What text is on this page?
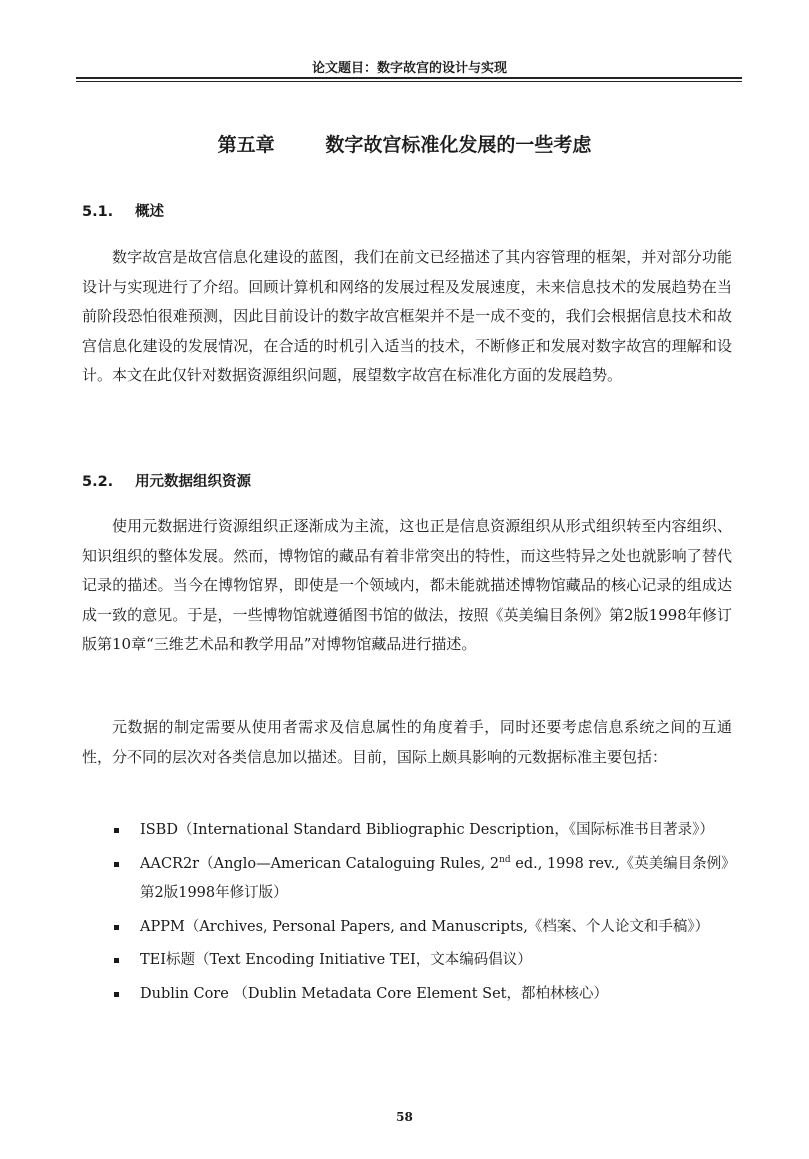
论文题目：数字故宫的设计与实现
第五章	数字故宫标准化发展的一些考虑
5.1. 概述

数字故宫是故宫信息化建设的蓝图，我们在前文已经描述了其内容管理的框架，并对部分功能设计与实现进行了介绍。回顾计算机和网络的发展过程及发展速度，未来信息技术的发展趋势在当前阶段恐怕很难预测，因此目前设计的数字故宫框架并不是一成不变的，我们会根据信息技术和故宫信息化建设的发展情况，在合适的时机引入适当的技术，不断修正和发展对数字故宫的理解和设计。本文在此仅针对数据资源组织问题，展望数字故宫在标准化方面的发展趋势。

5.2. 用元数据组织资源

使用元数据进行资源组织正逐渐成为主流，这也正是信息资源组织从形式组织转至内容组织、知识组织的整体发展。然而，博物馆的藏品有着非常突出的特性，而这些特异之处也就影响了替代记录的描述。当今在博物馆界，即使是一个领域内，都未能就描述博物馆藏品的核心记录的组成达成一致的意见。于是，一些博物馆就遵循图书馆的做法，按照《英美编目条例》第2版1998年修订版第10章“三维艺术品和教学用品”对博物馆藏品进行描述。

元数据的制定需要从使用者需求及信息属性的角度着手，同时还要考虑信息系统之间的互通性，分不同的层次对各类信息加以描述。目前，国际上颇具影响的元数据标准主要包括：

ISBD（International Standard Bibliographic Description，《国际标准书目著录》）
AACR2r（Anglo—American Cataloguing Rules, 2nd ed., 1998 rev.,《英美编目条例》第2版1998年修订版）
APPM（Archives, Personal Papers, and Manuscripts,《档案、个人论文和手稿》）
TEI标题（Text Encoding Initiative TEI，文本编码倡议）
Dublin Core （Dublin Metadata Core Element Set，都柏林核心）
58
